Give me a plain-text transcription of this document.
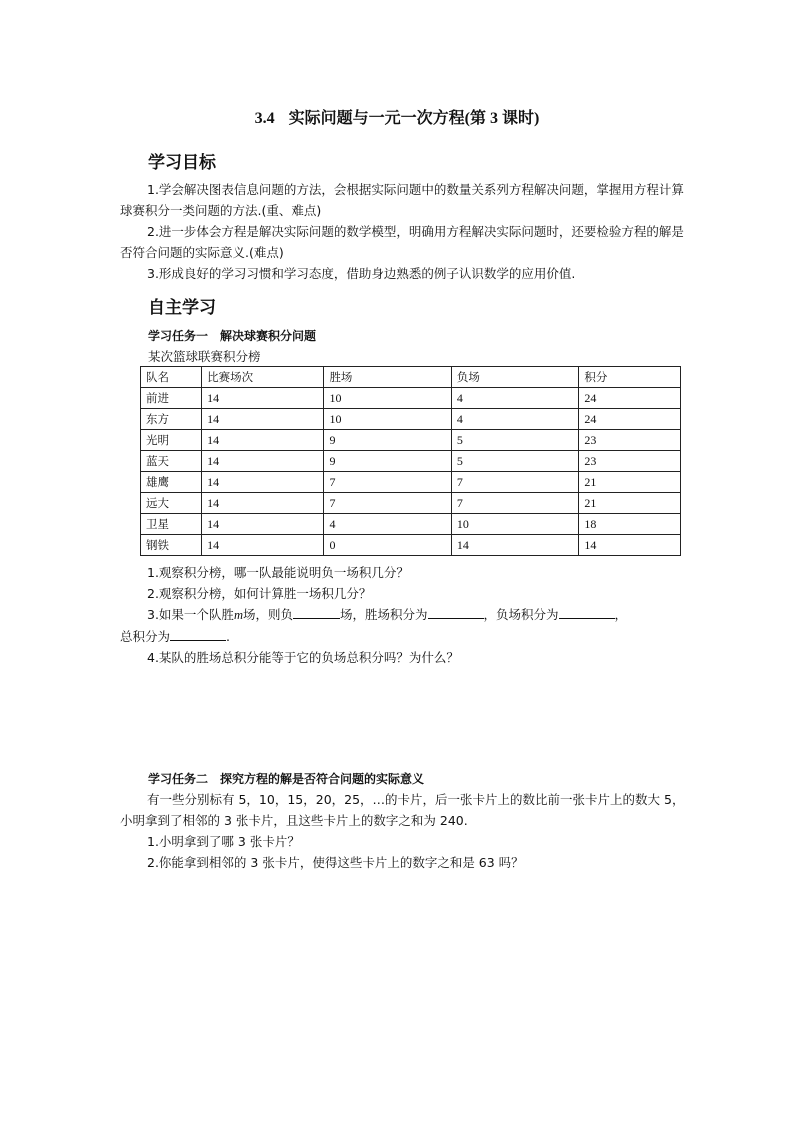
3.4 实际问题与一元一次方程(第 3 课时)
学习目标

1.学会解决图表信息问题的方法，会根据实际问题中的数量关系列方程解决问题，掌握用方程计算球赛积分一类问题的方法.(重、难点)

2.进一步体会方程是解决实际问题的数学模型，明确用方程解决实际问题时，还要检验方程的解是否符合问题的实际意义.(难点)

3.形成良好的学习习惯和学习态度，借助身边熟悉的例子认识数学的应用价值.

自主学习
学习任务一　解决球赛积分问题
某次篮球联赛积分榜
队名	比赛场次	胜场	负场	积分
前进	14	10	4	24
东方	14	10	4	24
光明	14	9	5	23
蓝天	14	9	5	23
雄鹰	14	7	7	21
远大	14	7	7	21
卫星	14	4	10	18
钢铁	14	0	14	14

1.观察积分榜，哪一队最能说明负一场积几分？

2.观察积分榜，如何计算胜一场积几分？

3.如果一个队胜m场，则负	场，胜场积分为	，负场积分为	，

总积分为	.

4.某队的胜场总积分能等于它的负场总积分吗？为什么？

学习任务二　探究方程的解是否符合问题的实际意义

有一些分别标有 5，10，15，20，25，…的卡片，后一张卡片上的数比前一张卡片上的数大 5，小明拿到了相邻的 3 张卡片，且这些卡片上的数字之和为 240.

1.小明拿到了哪 3 张卡片？

2.你能拿到相邻的 3 张卡片，使得这些卡片上的数字之和是 63 吗？
